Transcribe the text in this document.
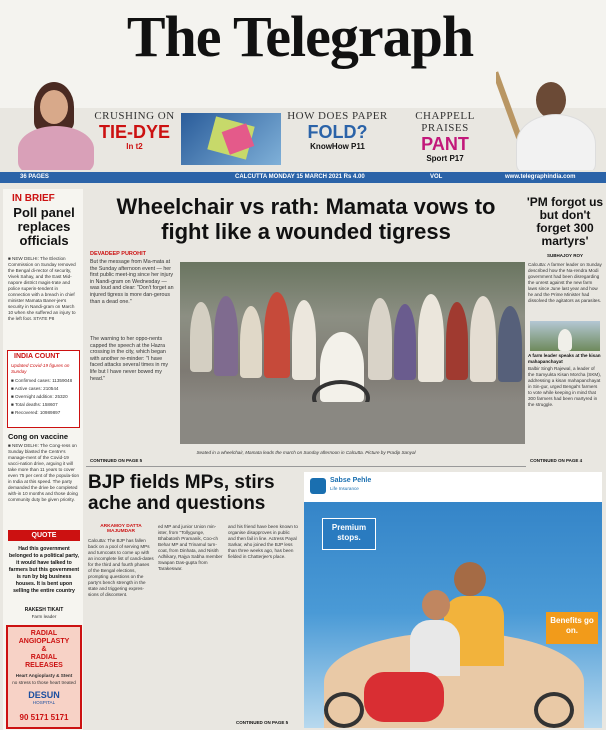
The Telegraph
CRUSHING ON
TIE-DYE
In t2
HOW DOES PAPER
FOLD?
KnowHow P11
CHAPPELL PRAISES
PANT
Sport P17
36 PAGES	CALCUTTA MONDAY 15 MARCH 2021 Rs 4.00	VOL	www.telegraphindia.com
IN BRIEF
Poll panel replaces officials
■ NEW DELHI: The Election Commission on Sunday removed the Bengal di-rector of security, Vivek Sahay, and the East Mid-napore district magis-trate and police superin-tendent in connection with a breach in chief minister Mamata Baner-jee's security in Nandi-gram on March 10 when she suffered an injury to the left foot. STATE P8
INDIA COUNT
Updated Covid-19 figures on Sunday
■ Confirmed cases: 11359048
■ Active cases: 210544
■ Overnight addition: 25320
■ Total deaths: 158607
■ Recovered: 10989897
Cong on vaccine
■ NEW DELHI: The Cong-ress on Sunday blasted the Centre's manage-ment of the Covid-19 vacci-nation drive, arguing it will take more than 11 years to cover even 75 per cent of the popula-tion in India at this speed. The party demanded the drive be completed with-in 10 months and those doing community duty be given priority.
QUOTE
Had this government belonged to a political party, it would have talked to farmers but this government is run by big business houses. It is bent upon selling the entire country
RAKESH TIKAIT
Farm leader
RADIAL
ANGIOPLASTY
&
RADIAL
RELEASES
Heart Angioplasty & Stent
no stress to those heart treated
DESUN
HOSPITAL
90 5171 5171
Wheelchair vs rath: Mamata vows to fight like a wounded tigress
DEVADEEP PUROHIT
But the message from Ma-mata at the Sunday afternoon event — her first public meet-ing since her injury in Nandi-gram on Wednesday — was loud and clear: "Don't forget an injured tigress is more dan-gerous than a dead one."
The warning to her oppo-nents capped the speech at the Hazra crossing in the city, which began with another re-minder: "I have faced attacks several times in my life but I have never bowed my head."
Seated in a wheelchair, Mamata leads the march on Sunday afternoon in Calcutta. Picture by Pradip Sanyal
CONTINUED ON PAGE 5
'PM forgot us but don't forget 300 martyrs'
SUBHAJOY ROY
Calcutta: A farmer leader on Sunday described how the Na-rendra Modi government had been disregarding the unrest against the new farm laws since June last year and how he and the Prime Minister had dissolved the agitators as parasites.
A farm leader speaks at the kisan mahapanchayat
Balbir Singh Rajewal, a leader of the Samyukta Kisan Morcha (SKM), addressing a kisan mahapanchayat in Sin-gur, urged Bengal's farmers to vote while keeping in mind that 300 farmers had been martyred in the struggle.
CONTINUED ON PAGE 4
BJP fields MPs, stirs ache and questions
ARKAMOY DATTA MAJUMDAR
Calcutta: The BJP has fallen back on a pool of serving MPs and turncoats to come up with an incomplete list of candi-dates for the third and fourth phases of the Bengal elections, prompting questions on the party's bench strength in the state and triggering expres-sions of discontent.
ed MP and junior Union min-ister, from "Tollygunge, Bhabatosh Pramanik, Coo-ch Behar MP and Trinamul turn-coat, from Dinhata, and Nisith Adhikary, Rajya Sabha member Swapan Das-gupta from Tarakeswar.
and his friend have been known to organise disapproves in public and then fail in line. Actress Payal Sarkar, who joined the BJP less than three weeks ago, has been fielded in Chatterjee's place.
CONTINUED ON PAGE 5
Sabse Pehle
Life Insurance
Premium stops.
Benefits go on.
